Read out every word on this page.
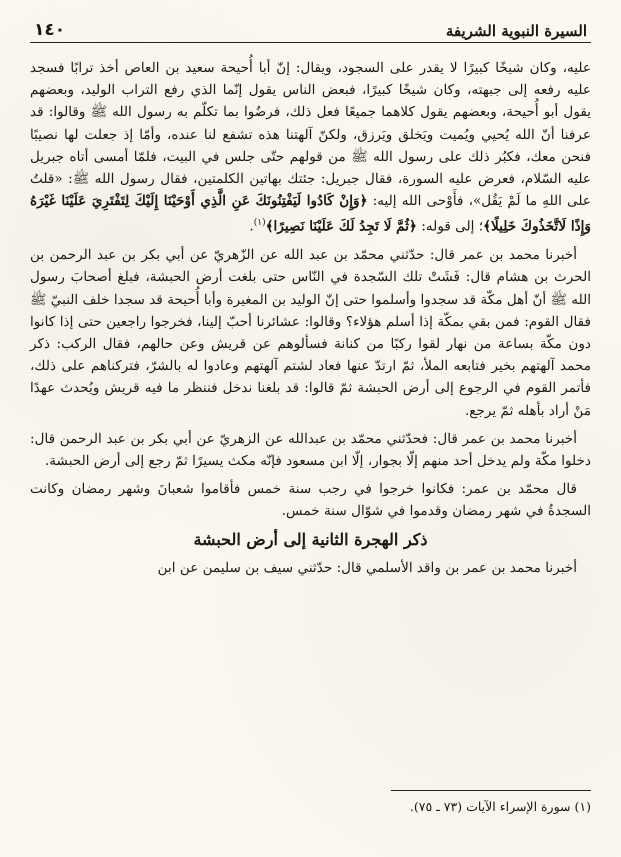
السيرة النبوية الشريفة
١٤٠

عليه، وكان شيخًا كبيرًا لا يقدر على السجود، ويقال: إنّ أبا أُحيحة سعيد بن العاص أخذ ترابًا فسجد عليه رفعه إلى جبهته، وكان شيخًا كبيرًا، فبعض الناس يقول إنّما الذي رفع التراب الوليد، وبعضهم يقول أبو أُحيحة، وبعضهم يقول كلاهما جميعًا فعل ذلك، فرضُوا بما تكلّم به رسول الله ﷺ وقالوا: قد عرفنا أنّ الله يُحيي ويُميت ويَخلق ويَرزق، ولكنّ آلهتنا هذه تشفع لنا عنده، وأمّا إذ جعلت لها نصيبًا فنحن معك، فكبُر ذلك على رسول الله ﷺ من قولهم حتّى جلس في البيت، فلمّا أمسى أتاه جبريل عليه السّلام، فعرض عليه السورة، فقال جبريل: جئتك بهاتين الكلمتين، فقال رسول الله ﷺ: «قلتُ على اللهِ ما لَمْ يَقُل»، فأَوْحى الله إليه: ﴿وَإِنْ كَادُوا لَيَفْتِنُونَكَ عَنِ الَّذِي أَوْحَيْنَا إِلَيْكَ لِتَفْتَرِيَ عَلَيْنَا غَيْرَهُ وَإِذًا لَاتَّخَذُوكَ خَلِيلًا﴾؛ إلى قوله: ﴿ثُمَّ لَا تَجِدُ لَكَ عَلَيْنَا نَصِيرًا﴾$^{(١)}$.

أخبرنا محمد بن عمر قال: حدّثني محمّد بن عبد الله عن الزّهريّ عن أبي بكر بن عبد الرحمن بن الحرث بن هشام قال: فَشَتْ تلك السّجدة في النّاس حتى بلغت أرض الحبشة، فبلغ أصحابَ رسول الله ﷺ أنّ أهل مكّة قد سجدوا وأسلموا حتى إنّ الوليد بن المغيرة وأبا أُحيحة قد سجدا خلف النبيّ ﷺ فقال القوم: فمن بقي بمكّة إذا أسلم هؤلاء؟ وقالوا: عشائرنا أحبّ إلينا، فخرجوا راجعين حتى إذا كانوا دون مكّة بساعة من نهار لقوا ركبًا من كنانة فسألوهم عن قريش وعن حالهم، فقال الركب: ذكر محمد آلهتهم بخير فتابعه الملأ، ثمّ ارتدّ عنها فعاد لشتم آلهتهم وعادوا له بالشرّ، فتركناهم على ذلك، فأتمر القوم في الرجوع إلى أرض الحبشة ثمّ قالوا: قد بلغنا ندخل فننظر ما فيه قريش ويُحدث عهدًا مَنْ أراد بأهله ثمّ يرجع.

أخبرنا محمد بن عمر قال: فحدّثني محمّد بن عبدالله عن الزهريّ عن أبي بكر بن عبد الرحمن قال: دخلوا مكّة ولم يدخل أحد منهم إلّا بجوار، إلّا ابن مسعود فإنّه مكث يسيرًا ثمّ رجع إلى أرض الحبشة.

قال محمّد بن عمر: فكانوا خرجوا في رجب سنة خمس فأقاموا شعبانَ وشهر رمضان وكانت السجدةُ في شهر رمضان وقدموا في شوّال سنة خمس.

ذكر الهجرة الثانية إلى أرض الحبشة

أخبرنا محمد بن عمر بن واقد الأسلمي قال: حدّثني سيف بن سليمن عن ابن

(١) سورة الإسراء الآيات (٧٣ ـ ٧٥).
